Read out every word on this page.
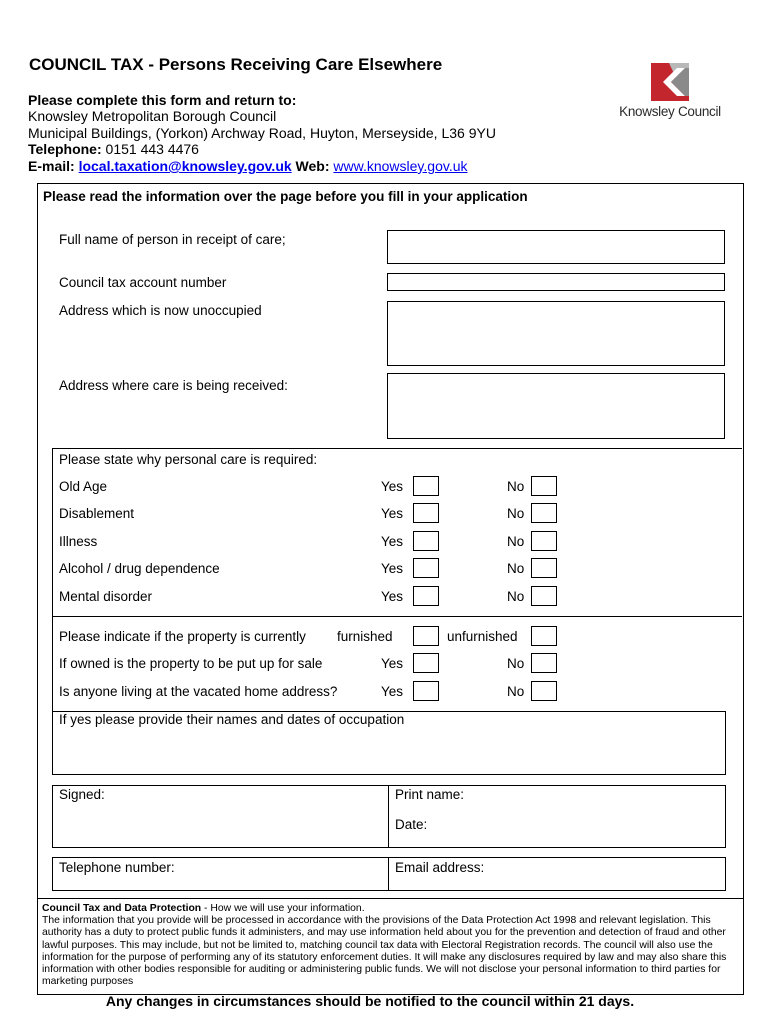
COUNCIL TAX - Persons Receiving Care Elsewhere
Please complete this form and return to:
Knowsley Metropolitan Borough Council
Municipal Buildings, (Yorkon) Archway Road, Huyton, Merseyside, L36 9YU
Telephone: 0151 443 4476
E-mail: local.taxation@knowsley.gov.uk Web: www.knowsley.gov.uk
Knowsley Council
Please read the information over the page before you fill in your application
Full name of person in receipt of care;
Council tax account number
Address which is now unoccupied
Address where care is being received:
Please state why personal care is required:
Old Age	Yes	No
Disablement	Yes	No
Illness	Yes	No
Alcohol / drug dependence	Yes	No
Mental disorder	Yes	No
Please indicate if the property is currently furnished	unfurnished
If owned is the property to be put up for sale	Yes	No
Is anyone living at the vacated home address?	Yes	No
If yes please provide their names and dates of occupation
Signed:	Print name:
Date:
Telephone number:	Email address:
Council Tax and Data Protection - How we will use your information.
The information that you provide will be processed in accordance with the provisions of the Data Protection Act 1998 and relevant legislation. This authority has a duty to protect public funds it administers, and may use information held about you for the prevention and detection of fraud and other lawful purposes. This may include, but not be limited to, matching council tax data with Electoral Registration records. The council will also use the information for the purpose of performing any of its statutory enforcement duties. It will make any disclosures required by law and may also share this information with other bodies responsible for auditing or administering public funds. We will not disclose your personal information to third parties for marketing purposes
Any changes in circumstances should be notified to the council within 21 days.
